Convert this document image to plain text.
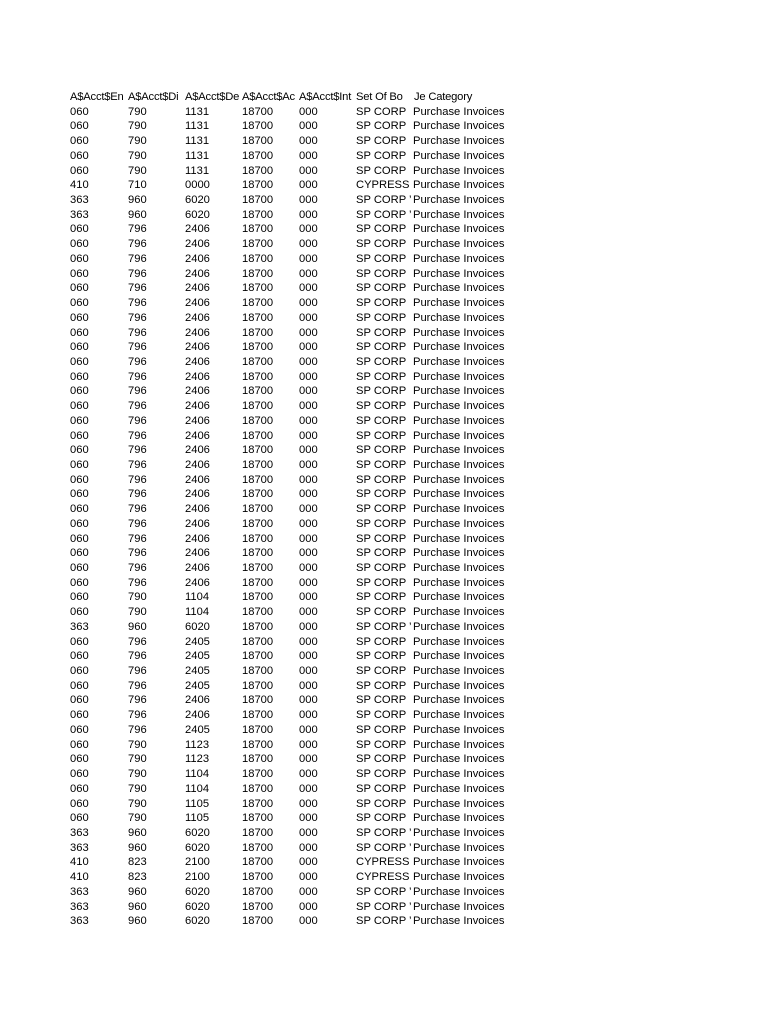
A$Acct$En A$Acct$Di A$Acct$De A$Acct$Ac A$Acct$Int Set Of Bo	Je Category
060	790	1131	18700	000	SP CORP Purchase Invoices
060	790	1131	18700	000	SP CORP Purchase Invoices
060	790	1131	18700	000	SP CORP Purchase Invoices
060	790	1131	18700	000	SP CORP Purchase Invoices
060	790	1131	18700	000	SP CORP Purchase Invoices
410	710	0000	18700	000	CYPRESS Purchase Invoices
363	960	6020	18700	000	SP CORP ’ Purchase Invoices
363	960	6020	18700	000	SP CORP ’ Purchase Invoices
060	796	2406	18700	000	SP CORP Purchase Invoices
060	796	2406	18700	000	SP CORP Purchase Invoices
060	796	2406	18700	000	SP CORP Purchase Invoices
060	796	2406	18700	000	SP CORP Purchase Invoices
060	796	2406	18700	000	SP CORP Purchase Invoices
060	796	2406	18700	000	SP CORP Purchase Invoices
060	796	2406	18700	000	SP CORP Purchase Invoices
060	796	2406	18700	000	SP CORP Purchase Invoices
060	796	2406	18700	000	SP CORP Purchase Invoices
060	796	2406	18700	000	SP CORP Purchase Invoices
060	796	2406	18700	000	SP CORP Purchase Invoices
060	796	2406	18700	000	SP CORP Purchase Invoices
060	796	2406	18700	000	SP CORP Purchase Invoices
060	796	2406	18700	000	SP CORP Purchase Invoices
060	796	2406	18700	000	SP CORP Purchase Invoices
060	796	2406	18700	000	SP CORP Purchase Invoices
060	796	2406	18700	000	SP CORP Purchase Invoices
060	796	2406	18700	000	SP CORP Purchase Invoices
060	796	2406	18700	000	SP CORP Purchase Invoices
060	796	2406	18700	000	SP CORP Purchase Invoices
060	796	2406	18700	000	SP CORP Purchase Invoices
060	796	2406	18700	000	SP CORP Purchase Invoices
060	796	2406	18700	000	SP CORP Purchase Invoices
060	796	2406	18700	000	SP CORP Purchase Invoices
060	796	2406	18700	000	SP CORP Purchase Invoices
060	790	1104	18700	000	SP CORP Purchase Invoices
060	790	1104	18700	000	SP CORP Purchase Invoices
363	960	6020	18700	000	SP CORP ’ Purchase Invoices
060	796	2405	18700	000	SP CORP Purchase Invoices
060	796	2405	18700	000	SP CORP Purchase Invoices
060	796	2405	18700	000	SP CORP Purchase Invoices
060	796	2405	18700	000	SP CORP Purchase Invoices
060	796	2406	18700	000	SP CORP Purchase Invoices
060	796	2406	18700	000	SP CORP Purchase Invoices
060	796	2405	18700	000	SP CORP Purchase Invoices
060	790	1123	18700	000	SP CORP Purchase Invoices
060	790	1123	18700	000	SP CORP Purchase Invoices
060	790	1104	18700	000	SP CORP Purchase Invoices
060	790	1104	18700	000	SP CORP Purchase Invoices
060	790	1105	18700	000	SP CORP Purchase Invoices
060	790	1105	18700	000	SP CORP Purchase Invoices
363	960	6020	18700	000	SP CORP ’ Purchase Invoices
363	960	6020	18700	000	SP CORP ’ Purchase Invoices
410	823	2100	18700	000	CYPRESS Purchase Invoices
410	823	2100	18700	000	CYPRESS Purchase Invoices
363	960	6020	18700	000	SP CORP ’ Purchase Invoices
363	960	6020	18700	000	SP CORP ’ Purchase Invoices
363	960	6020	18700	000	SP CORP ’ Purchase Invoices
